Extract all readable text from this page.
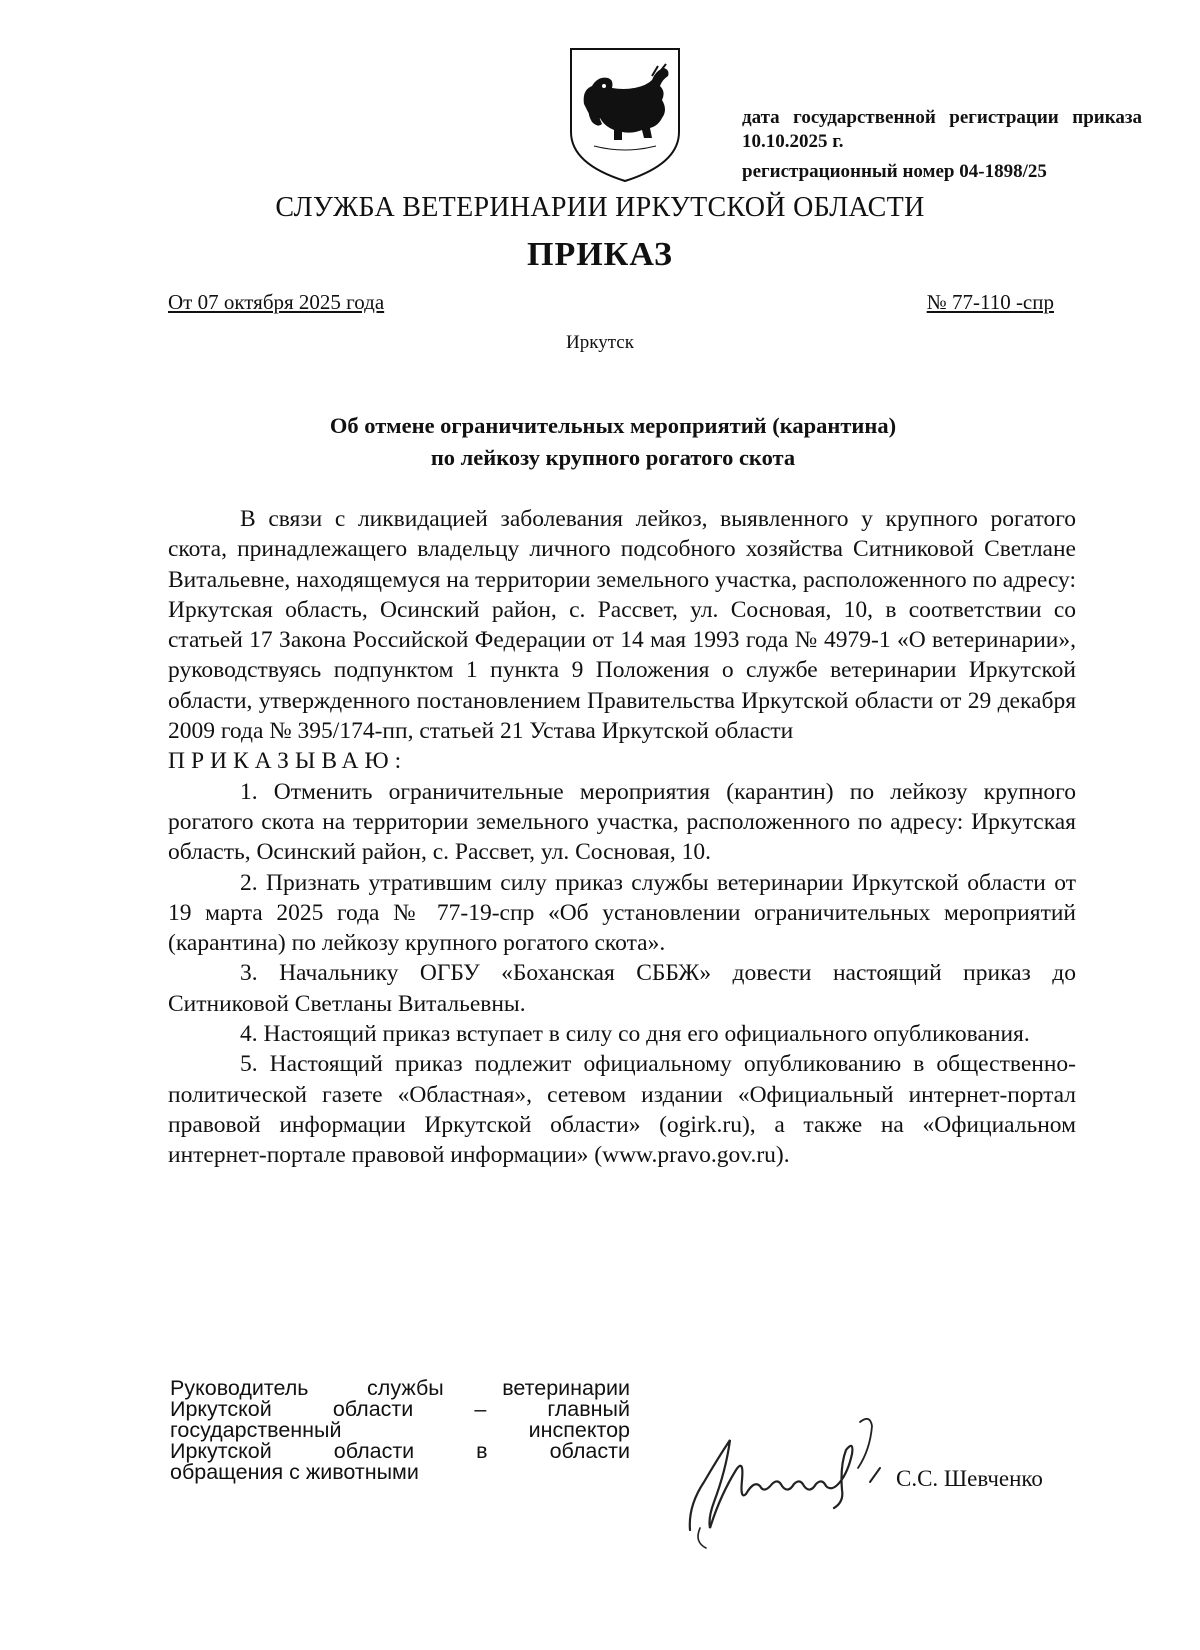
дата государственной регистрации приказа 10.10.2025 г.
регистрационный номер 04-1898/25
СЛУЖБА ВЕТЕРИНАРИИ ИРКУТСКОЙ ОБЛАСТИ
ПРИКАЗ
От 07 октября 2025 года	№ 77-110 -спр
Иркутск
Об отмене ограничительных мероприятий (карантина)
по лейкозу крупного рогатого скота

В связи с ликвидацией заболевания лейкоз, выявленного у крупного рогатого скота, принадлежащего владельцу личного подсобного хозяйства Ситниковой Светлане Витальевне, находящемуся на территории земельного участка, расположенного по адресу: Иркутская область, Осинский район, с. Рассвет, ул. Сосновая, 10, в соответствии со статьей 17 Закона Российской Федерации от 14 мая 1993 года № 4979-1 «О ветеринарии», руководствуясь подпунктом 1 пункта 9 Положения о службе ветеринарии Иркутской области, утвержденного постановлением Правительства Иркутской области от 29 декабря 2009 года № 395/174-пп, статьей 21 Устава Иркутской области

ПРИКАЗЫВАЮ:

1. Отменить ограничительные мероприятия (карантин) по лейкозу крупного рогатого скота на территории земельного участка, расположенного по адресу: Иркутская область, Осинский район, с. Рассвет, ул. Сосновая, 10.

2. Признать утратившим силу приказ службы ветеринарии Иркутской области от 19 марта 2025 года № 77-19-спр «Об установлении ограничительных мероприятий (карантина) по лейкозу крупного рогатого скота».

3. Начальнику ОГБУ «Боханская СББЖ» довести настоящий приказ до Ситниковой Светланы Витальевны.

4. Настоящий приказ вступает в силу со дня его официального опубликования.

5. Настоящий приказ подлежит официальному опубликованию в общественно-политической газете «Областная», сетевом издании «Официальный интернет-портал правовой информации Иркутской области» (ogirk.ru), а также на «Официальном интернет-портале правовой информации» (www.pravo.gov.ru).

Руководитель службы ветеринарии
Иркутской области – главный
государственный инспектор
Иркутской области в области
обращения с животными	С.С. Шевченко
